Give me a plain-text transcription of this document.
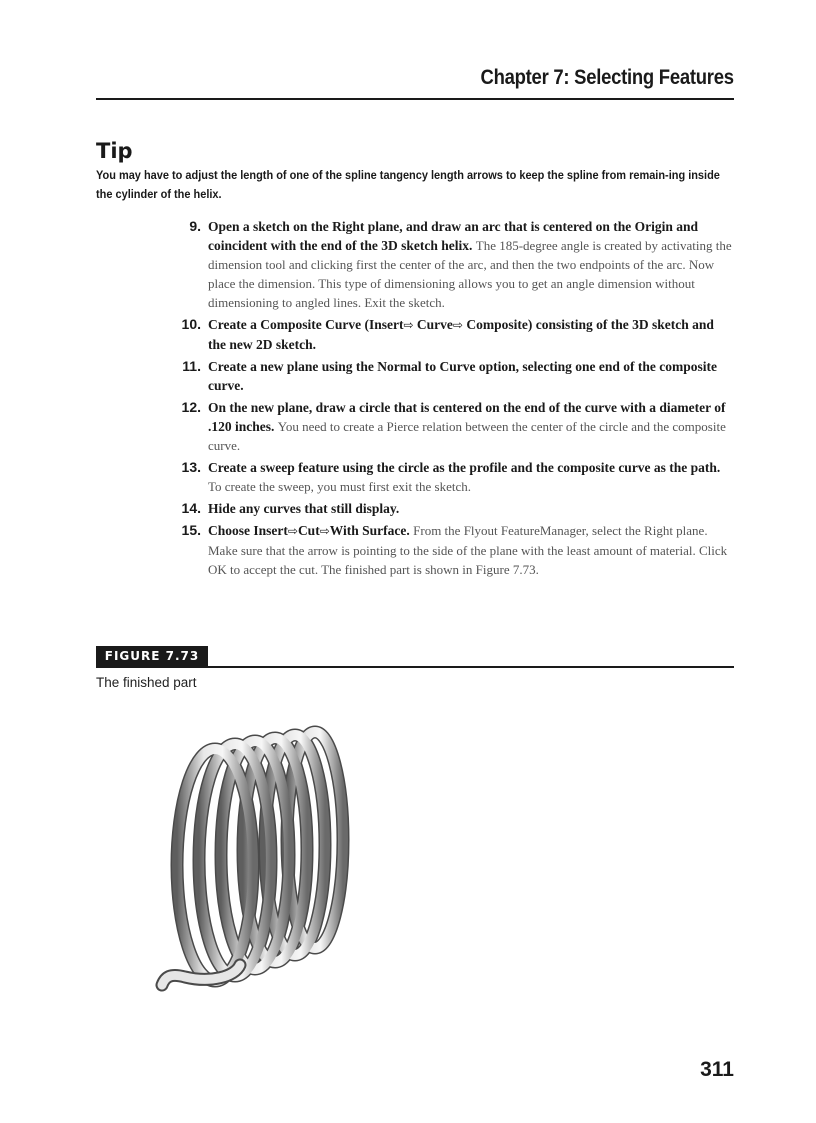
Chapter 7: Selecting Features
Tip
You may have to adjust the length of one of the spline tangency length arrows to keep the spline from remain-ing inside the cylinder of the helix.
9. Open a sketch on the Right plane, and draw an arc that is centered on the Origin and coincident with the end of the 3D sketch helix. The 185-degree angle is created by activating the dimension tool and clicking first the center of the arc, and then the two endpoints of the arc. Now place the dimension. This type of dimensioning allows you to get an angle dimension without dimensioning to angled lines. Exit the sketch.
10. Create a Composite Curve (Insert⇨ Curve⇨ Composite) consisting of the 3D sketch and the new 2D sketch.
11. Create a new plane using the Normal to Curve option, selecting one end of the composite curve.
12. On the new plane, draw a circle that is centered on the end of the curve with a diameter of .120 inches. You need to create a Pierce relation between the center of the circle and the composite curve.
13. Create a sweep feature using the circle as the profile and the composite curve as the path. To create the sweep, you must first exit the sketch.
14. Hide any curves that still display.
15. Choose Insert⇨Cut⇨With Surface. From the Flyout FeatureManager, select the Right plane. Make sure that the arrow is pointing to the side of the plane with the least amount of material. Click OK to accept the cut. The finished part is shown in Figure 7.73.
FIGURE 7.73
The finished part
311
